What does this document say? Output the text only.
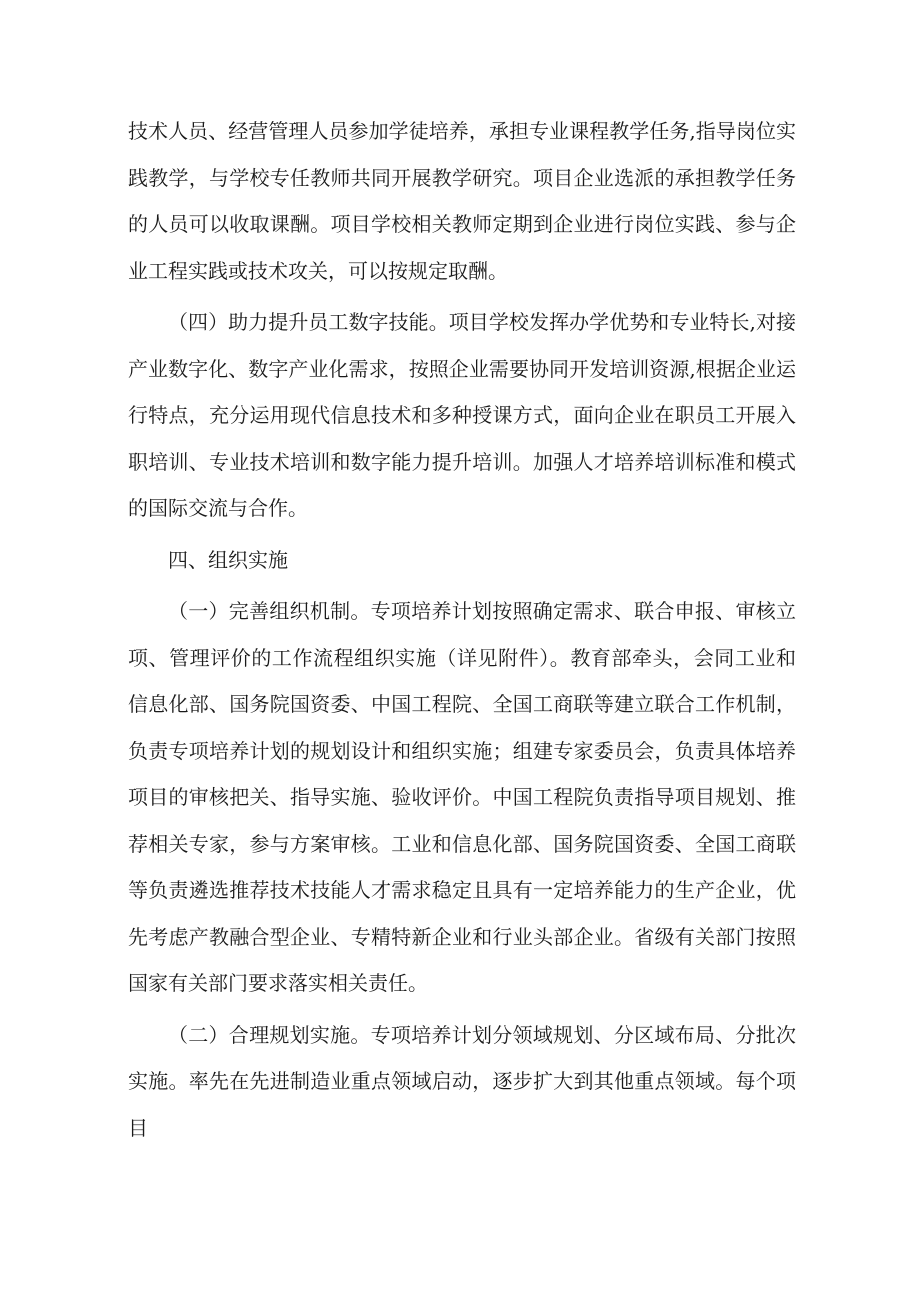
技术人员、经营管理人员参加学徒培养，承担专业课程教学任务,指导岗位实践教学，与学校专任教师共同开展教学研究。项目企业选派的承担教学任务的人员可以收取课酬。项目学校相关教师定期到企业进行岗位实践、参与企业工程实践或技术攻关，可以按规定取酬。

（四）助力提升员工数字技能。项目学校发挥办学优势和专业特长,对接产业数字化、数字产业化需求，按照企业需要协同开发培训资源,根据企业运行特点，充分运用现代信息技术和多种授课方式，面向企业在职员工开展入职培训、专业技术培训和数字能力提升培训。加强人才培养培训标准和模式的国际交流与合作。

四、组织实施

（一）完善组织机制。专项培养计划按照确定需求、联合申报、审核立项、管理评价的工作流程组织实施（详见附件）。教育部牵头，会同工业和信息化部、国务院国资委、中国工程院、全国工商联等建立联合工作机制，负责专项培养计划的规划设计和组织实施；组建专家委员会，负责具体培养项目的审核把关、指导实施、验收评价。中国工程院负责指导项目规划、推荐相关专家，参与方案审核。工业和信息化部、国务院国资委、全国工商联等负责遴选推荐技术技能人才需求稳定且具有一定培养能力的生产企业，优先考虑产教融合型企业、专精特新企业和行业头部企业。省级有关部门按照国家有关部门要求落实相关责任。

（二）合理规划实施。专项培养计划分领域规划、分区域布局、分批次实施。率先在先进制造业重点领域启动，逐步扩大到其他重点领域。每个项目
